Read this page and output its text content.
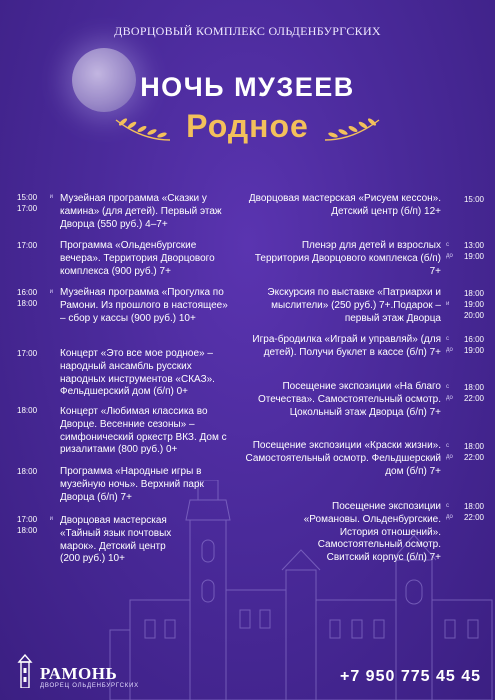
ДВОРЦОВЫЙ КОМПЛЕКС ОЛЬДЕНБУРГСКИХ
НОЧЬ МУЗЕЕВ
Родное
15:00 и
17:00
Музейная программа «Сказки у камина» (для детей). Первый этаж Дворца (550 руб.) 4–7+
17:00 Программа «Ольденбургские вечера». Территория Дворцового комплекса (900 руб.) 7+
16:00 и
18:00
Музейная программа «Прогулка по Рамони. Из прошлого в настоящее» – сбор у кассы (900 руб.) 10+
17:00 Концерт «Это все мое родное» – народный ансамбль русских народных инструментов «СКАЗ». Фельдшерский дом (б/п) 0+
18:00 Концерт «Любимая классика во Дворце. Весенние сезоны» – симфонический оркестр ВКЗ. Дом с ризалитами (800 руб.) 0+
18:00 Программа «Народные игры в музейную ночь». Верхний парк Дворца (б/п) 7+
17:00 и
18:00
Дворцовая мастерская «Тайный язык почтовых марок». Детский центр (200 руб.) 10+
Дворцовая мастерская «Рисуем кессон». Детский центр (б/п) 12+
15:00
Пленэр для детей и взрослых Территория Дворцового комплекса (б/п) 7+
с 13:00
до 19:00
Экскурсия по выставке «Патриархи и мыслители» (250 руб.) 7+.Подарок – первый этаж Дворца
18:00
и 19:00
20:00
Игра-бродилка «Играй и управляй» (для детей). Получи буклет в кассе (б/п) 7+
с 16:00
до 19:00
Посещение экспозиции «На благо Отечества». Самостоятельный осмотр. Цокольный этаж Дворца (б/п) 7+
с 18:00
до 22:00
Посещение экспозиции «Краски жизни». Самостоятельный осмотр. Фельдшерский дом (б/п) 7+
с 18:00
до 22:00
Посещение экспозиции «Романовы. Ольденбургские. История отношений». Самостоятельный осмотр. Свитский корпус (б/п) 7+
с 18:00
до 22:00
РАМОНЬ
ДВОРЕЦ ОЛЬДЕНБУРГСКИХ
+7 950 775 45 45
